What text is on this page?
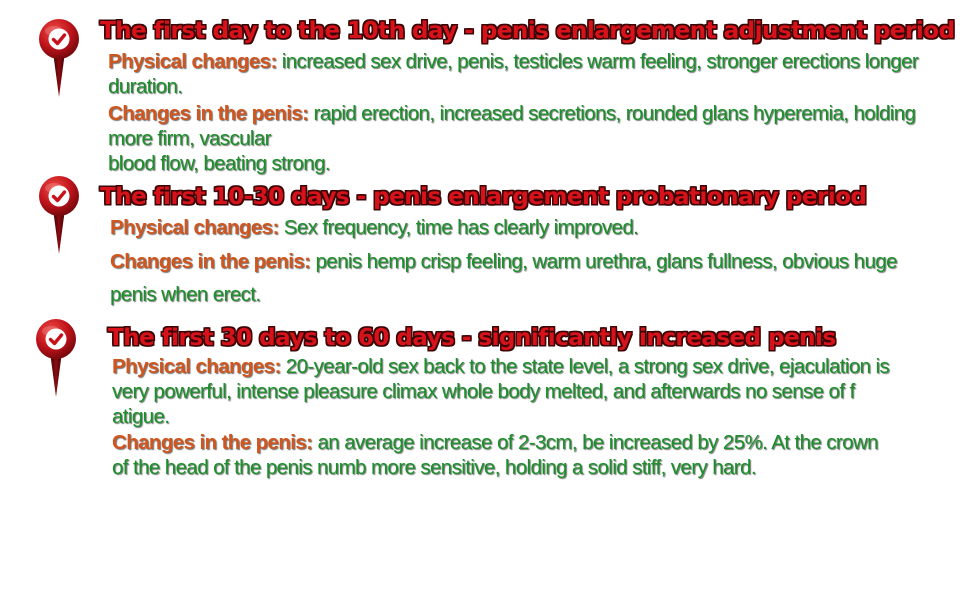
The first day to the 10th day - penis enlargement adjustment period
Physical changes: increased sex drive, penis, testicles warm feeling, stronger erections longer
duration.
Changes in the penis: rapid erection, increased secretions, rounded glans hyperemia, holding
more firm, vascular
blood flow, beating strong.
The first 10-30 days - penis enlargement probationary period
Physical changes: Sex frequency, time has clearly improved.
Changes in the penis: penis hemp crisp feeling, warm urethra, glans fullness, obvious huge
penis when erect.
The first 30 days to 60 days - significantly increased penis
Physical changes: 20-year-old sex back to the state level, a strong sex drive, ejaculation is
very powerful, intense pleasure climax whole body melted, and afterwards no sense of f
atigue.
Changes in the penis: an average increase of 2-3cm, be increased by 25%. At the crown
of the head of the penis numb more sensitive, holding a solid stiff, very hard.
